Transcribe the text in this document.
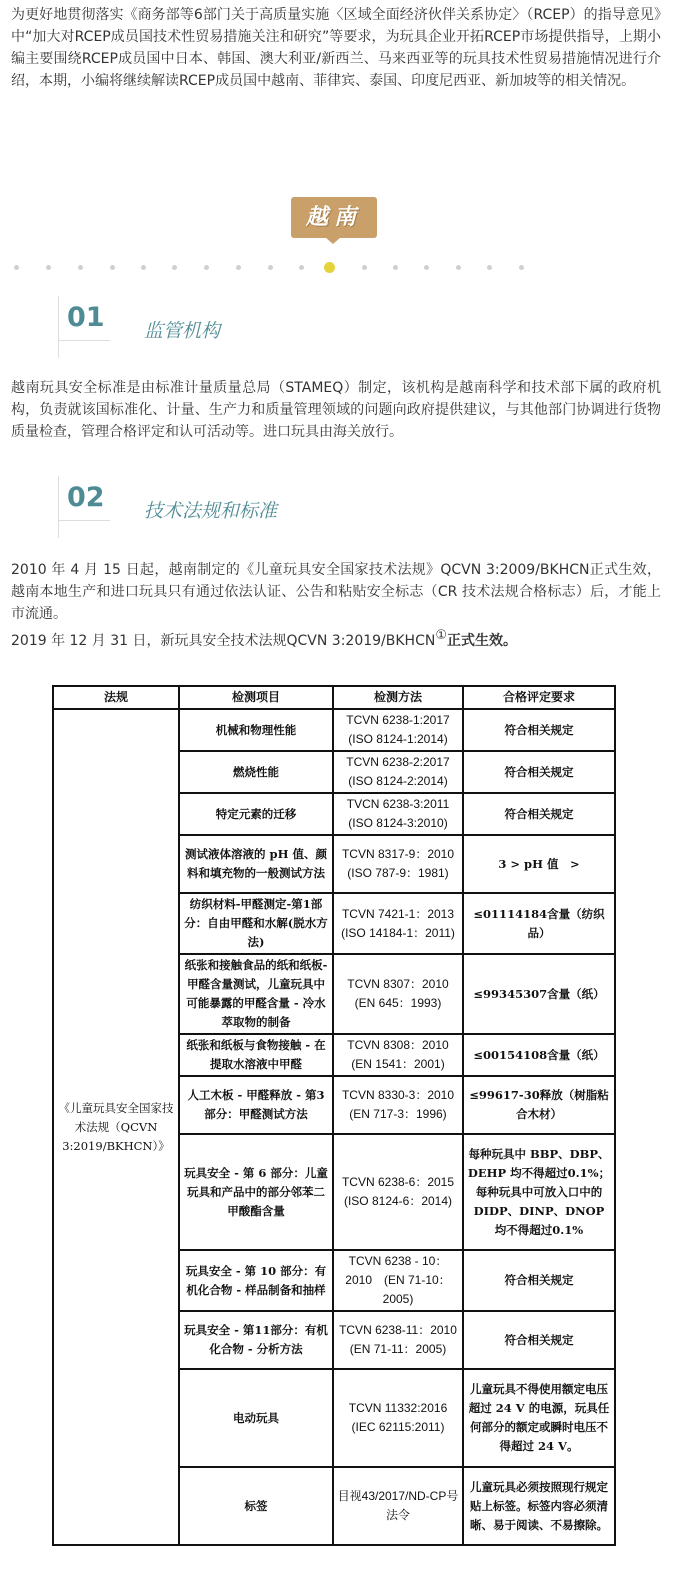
为更好地贯彻落实《商务部等6部门关于高质量实施〈区域全面经济伙伴关系协定〉（RCEP）的指导意见》中“加大对RCEP成员国技术性贸易措施关注和研究”等要求，为玩具企业开拓RCEP市场提供指导，上期小编主要围绕RCEP成员国中日本、韩国、澳大利亚/新西兰、马来西亚等的玩具技术性贸易措施情况进行介绍，本期，小编将继续解读RCEP成员国中越南、菲律宾、泰国、印度尼西亚、新加坡等的相关情况。

越南
01 监管机构

越南玩具安全标准是由标准计量质量总局（STAMEQ）制定，该机构是越南科学和技术部下属的政府机构，负责就该国标准化、计量、生产力和质量管理领域的问题向政府提供建议，与其他部门协调进行货物质量检查，管理合格评定和认可活动等。进口玩具由海关放行。

02 技术法规和标准
2010 年 4 月 15 日起，越南制定的《儿童玩具安全国家技术法规》QCVN 3:2009/BKHCN正式生效，越南本地生产和进口玩具只有通过依法认证、公告和粘贴安全标志（CR 技术法规合格标志）后，才能上市流通。
2019 年 12 月 31 日，新玩具安全技术法规QCVN 3:2019/BKHCN①正式生效。
法规	检测项目	检测方法	合格评定要求
《儿童玩具安全国家技术法规（QCVN 3:2019/BKHCN）》	机械和物理性能	TCVN 6238-1:2017 (ISO 8124-1:2014)	符合相关规定
	燃烧性能	TCVN 6238-2:2017 (ISO 8124-2:2014)	符合相关规定
	特定元素的迁移	TVCN 6238-3:2011 (ISO 8124-3:2010)	符合相关规定
	测试液体溶液的 pH 值、颜料和填充物的一般测试方法	TCVN 8317-9：2010　(ISO 787-9：1981)	3 > pH 值　>
	纺织材料-甲醛测定-第1部分：自由甲醛和水解(脱水方法)	TCVN 7421-1：2013 (ISO 14184-1：2011)	≤01114184含量（纺织品）
	纸张和接触食品的纸和纸板-甲醛含量测试，儿童玩具中可能暴露的甲醛含量 - 冷水萃取物的制备	TCVN 8307：2010 (EN 645：1993)	≤99345307含量（纸）
	纸张和纸板与食物接触 - 在提取水溶液中甲醛	TCVN 8308：2010 (EN 1541：2001)	≤00154108含量（纸）
	人工木板 - 甲醛释放 - 第3部分：甲醛测试方法	TCVN 8330-3：2010 (EN 717-3：1996)	≤99617-30释放（树脂粘合木材）
	玩具安全 - 第 6 部分：儿童玩具和产品中的部分邻苯二甲酸酯含量	TCVN 6238-6：2015　(ISO 8124-6：2014)	每种玩具中 BBP、DBP、DEHP 均不得超过0.1%；每种玩具中可放入口中的 DIDP、DINP、DNOP 均不得超过0.1%
	玩具安全 - 第 10 部分：有机化合物 - 样品制备和抽样	TCVN 6238 - 10：2010　(EN 71-10：2005)	符合相关规定
	玩具安全 - 第11部分：有机化合物 - 分析方法	TCVN 6238-11：2010 (EN 71-11：2005)	符合相关规定
	电动玩具	TCVN 11332:2016 (IEC 62115:2011)	儿童玩具不得使用额定电压超过 24 V 的电源，玩具任何部分的额定或瞬时电压不得超过 24 V。
	标签	目视43/2017/ND-CP号法令	儿童玩具必须按照现行规定贴上标签。标签内容必须清晰、易于阅读、不易擦除。
